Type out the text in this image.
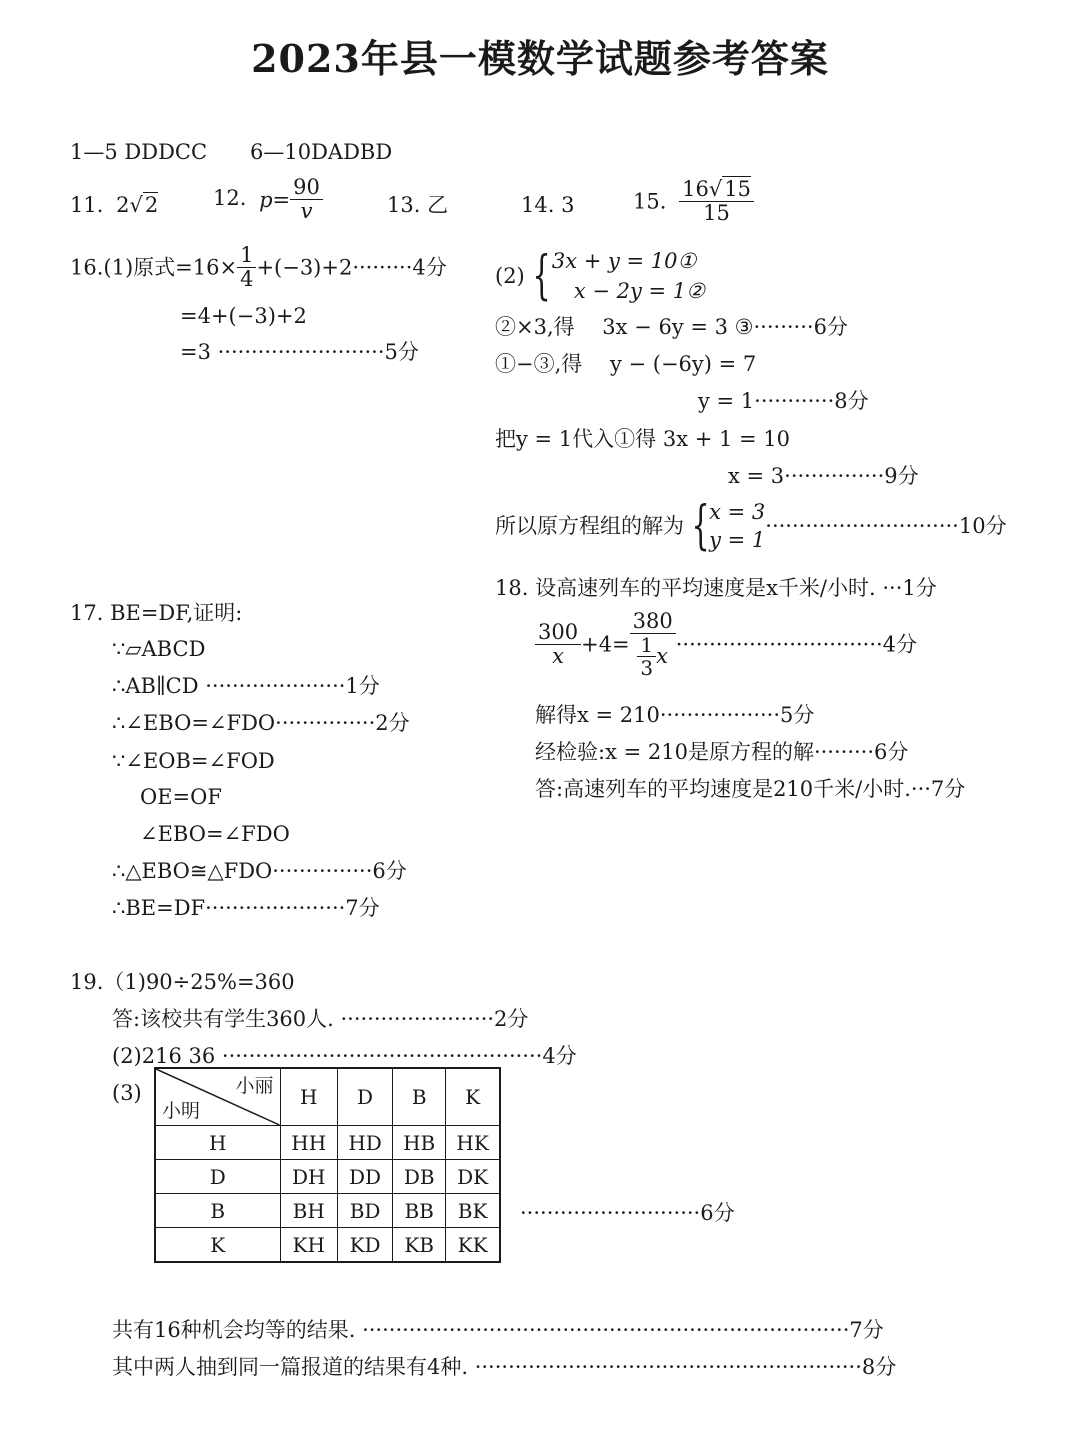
2023年县一模数学试题参考答案
1—5 DDDCC 6—10DADBD
11. 2√2	12. $p= \frac{90}{v}$	13. 乙	14. 3	15. $\frac{16√15}{15}$
16.(1)原式$=16\times \frac{1}{4} +(-3)+2\cdot\cdot\cdot\cdot\cdot\cdot\cdot\cdot\cdot 4$分
=4+(−3)+2
=3 ·························5分
(2) { 3x + y = 10①
x − 2y = 1②
②×3,得　 3x − 6y = 3 ③·········6分
①−③,得　 y − (−6y) = 7
y = 1············8分
把y = 1代入①得 3x + 1 = 10
x = 3···············9分
所以原方程组的解为 { x = 3
y = 1
·····························10分
17. BE=DF,证明:
∵▱ABCD
∴AB∥CD ·····················1分
∴∠EBO=∠FDO···············2分
∵∠EOB=∠FOD
OE=OF
∠EBO=∠FDO
∴△EBO≅△FDO···············6分
∴BE=DF·····················7分
18. 设高速列车的平均速度是x千米/小时. ···1分
$\frac{300}{x} +4= \frac{380}{\frac{1}{3} x} \cdot\cdot\cdot\cdot\cdot\cdot\cdot\cdot\cdot\cdot\cdot\cdot\cdot\cdot\cdot\cdot\cdot\cdot\cdot\cdot\cdot\cdot\cdot\cdot\cdot\cdot\cdot\cdot\cdot\cdot\cdot 4$分
解得x = 210··················5分
经检验:x = 210是原方程的解·········6分
答:高速列车的平均速度是210千米/小时.···7分
19.（1)90÷25%=360
答:该校共有学生360人. ·······················2分
(2)216 36 ················································4分
(3)	小丽
小明	H	D	B	K
H	HH	HD	HB	HK
D	DH	DD	DB	DK
B	BH	BD	BB	BK
K	KH	KD	KB	KK
···························6分
共有16种机会均等的结果. ·········································································7分
其中两人抽到同一篇报道的结果有4种. ··························································8分
